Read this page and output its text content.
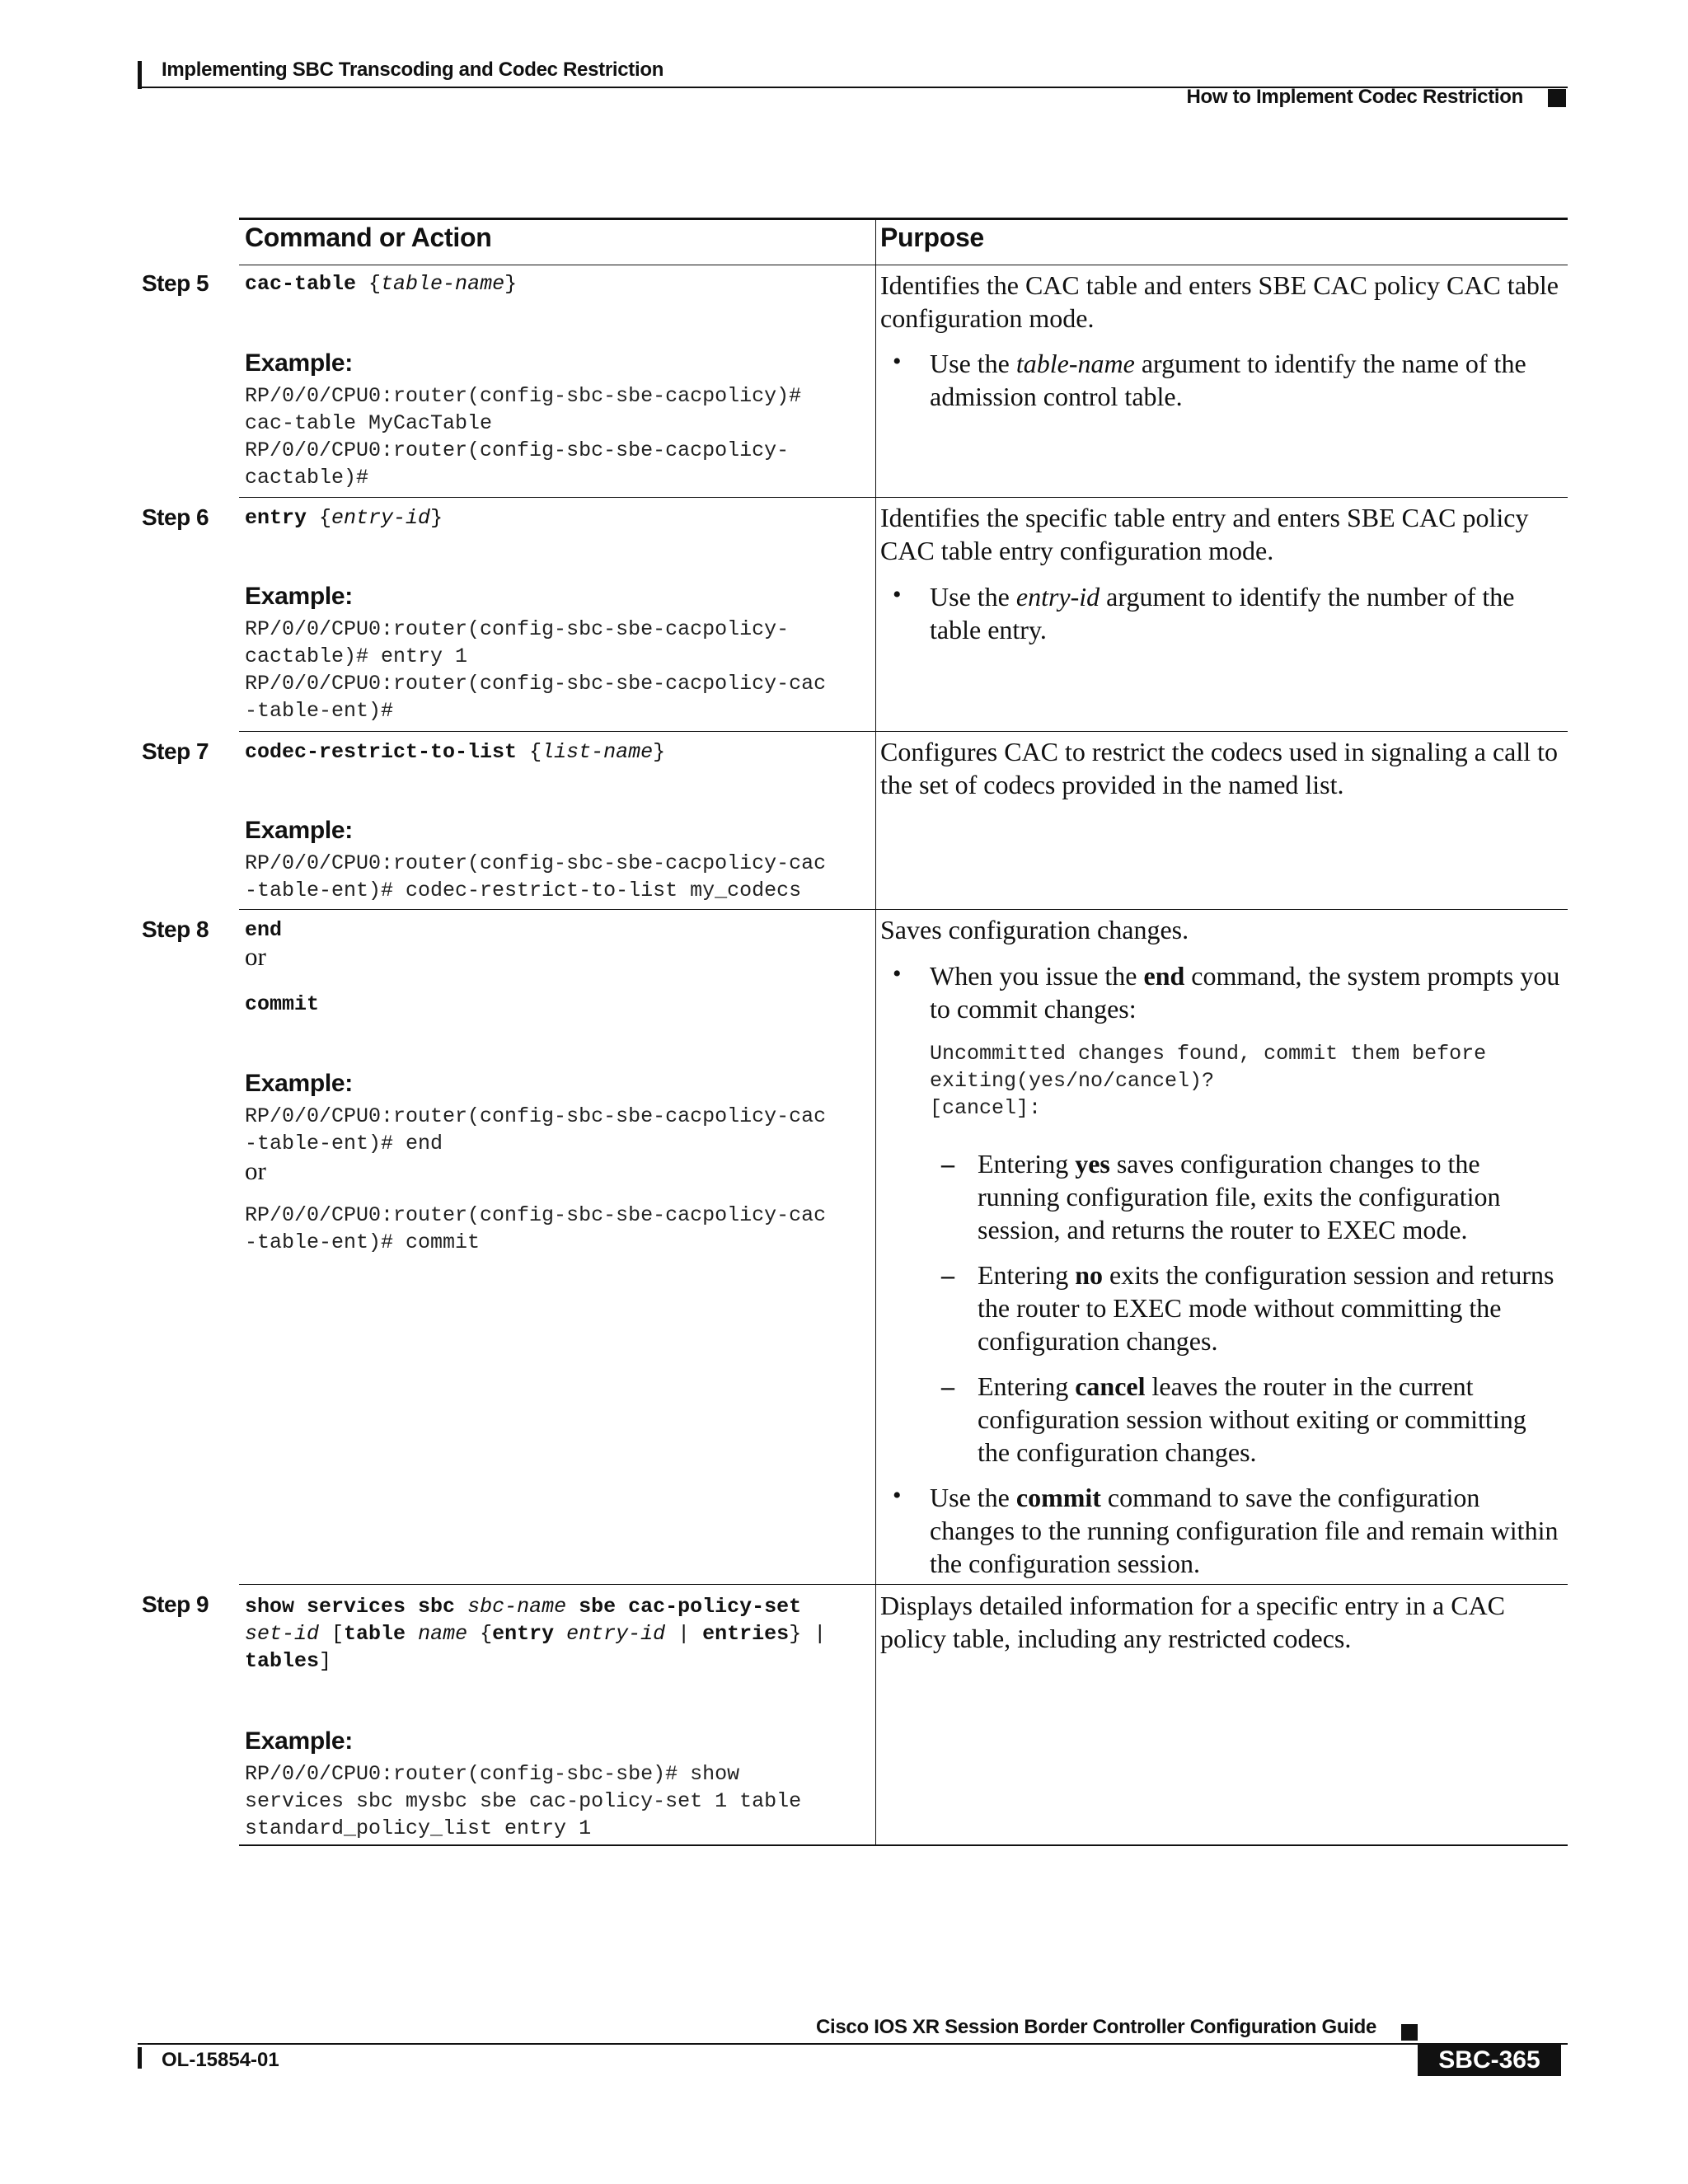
Implementing SBC Transcoding and Codec Restriction
How to Implement Codec Restriction
Command or Action	Purpose
Step 5 cac-table {table-name}
Example:
RP/0/0/CPU0:router(config-sbc-sbe-cacpolicy)#
cac-table MyCacTable
RP/0/0/CPU0:router(config-sbc-sbe-cacpolicy-
cactable)#
Identifies the CAC table and enters SBE CAC policy CAC table configuration mode.
• Use the table-name argument to identify the name of the admission control table.
Step 6 entry {entry-id}
Example:
RP/0/0/CPU0:router(config-sbc-sbe-cacpolicy-
cactable)# entry 1
RP/0/0/CPU0:router(config-sbc-sbe-cacpolicy-cac
-table-ent)#
Identifies the specific table entry and enters SBE CAC policy CAC table entry configuration mode.
• Use the entry-id argument to identify the number of the table entry.
Step 7 codec-restrict-to-list {list-name}
Example:
RP/0/0/CPU0:router(config-sbc-sbe-cacpolicy-cac
-table-ent)# codec-restrict-to-list my_codecs
Configures CAC to restrict the codecs used in signaling a call to the set of codecs provided in the named list.
Step 8 end
or
commit
Example:
RP/0/0/CPU0:router(config-sbc-sbe-cacpolicy-cac
-table-ent)# end
or
RP/0/0/CPU0:router(config-sbc-sbe-cacpolicy-cac
-table-ent)# commit
Saves configuration changes.
• When you issue the end command, the system prompts you to commit changes:
Uncommitted changes found, commit them before
exiting(yes/no/cancel)?
[cancel]:
– Entering yes saves configuration changes to the running configuration file, exits the configuration session, and returns the router to EXEC mode.
– Entering no exits the configuration session and returns the router to EXEC mode without committing the configuration changes.
– Entering cancel leaves the router in the current configuration session without exiting or committing the configuration changes.
• Use the commit command to save the configuration changes to the running configuration file and remain within the configuration session.
Step 9 show services sbc sbc-name sbe cac-policy-set
set-id [table name {entry entry-id | entries} |
tables]
Example:
RP/0/0/CPU0:router(config-sbc-sbe)# show
services sbc mysbc sbe cac-policy-set 1 table
standard_policy_list entry 1
Displays detailed information for a specific entry in a CAC policy table, including any restricted codecs.
Cisco IOS XR Session Border Controller Configuration Guide
OL-15854-01	SBC-365
